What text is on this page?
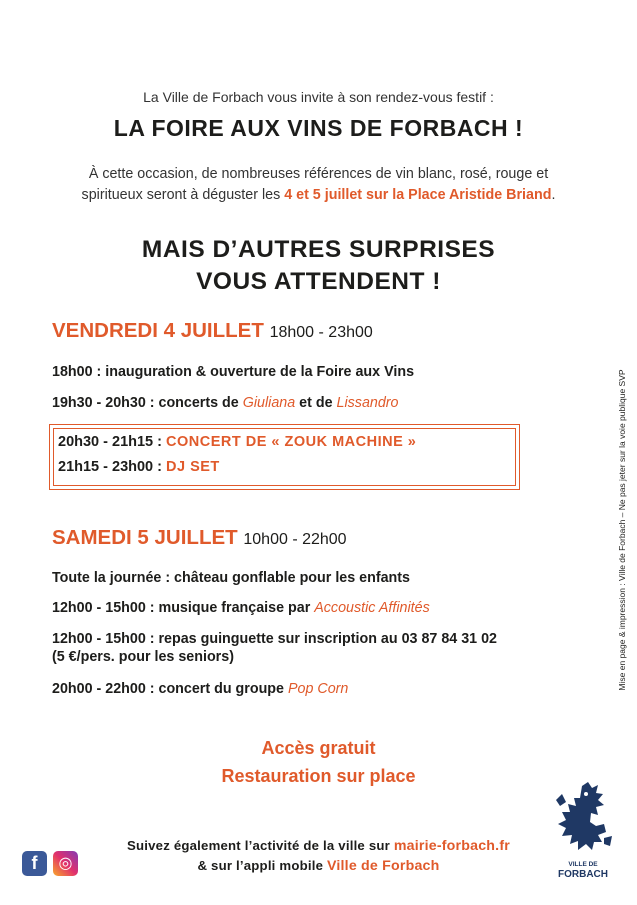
La Ville de Forbach vous invite à son rendez-vous festif :
LA FOIRE AUX VINS DE FORBACH !
À cette occasion, de nombreuses références de vin blanc, rosé, rouge et
spiritueux seront à déguster les 4 et 5 juillet sur la Place Aristide Briand.
MAIS D’AUTRES SURPRISES
VOUS ATTENDENT !
VENDREDI 4 JUILLET 18h00 - 23h00
18h00 : inauguration & ouverture de la Foire aux Vins
19h30 - 20h30 : concerts de Giuliana et de Lissandro
20h30 - 21h15 : CONCERT DE « ZOUK MACHINE »
21h15 - 23h00 : DJ SET
SAMEDI 5 JUILLET 10h00 - 22h00
Toute la journée : château gonflable pour les enfants
12h00 - 15h00 : musique française par Accoustic Affinités
12h00 - 15h00 : repas guinguette sur inscription au 03 87 84 31 02
(5 €/pers. pour les seniors)
20h00 - 22h00 : concert du groupe Pop Corn
Accès gratuit
Restauration sur place
Suivez également l’activité de la ville sur mairie-forbach.fr
& sur l’appli mobile Ville de Forbach
f	◎
Mise en page & impression : Ville de Forbach – Ne pas jeter sur la voie publique SVP
VILLE DE
FORBACH
